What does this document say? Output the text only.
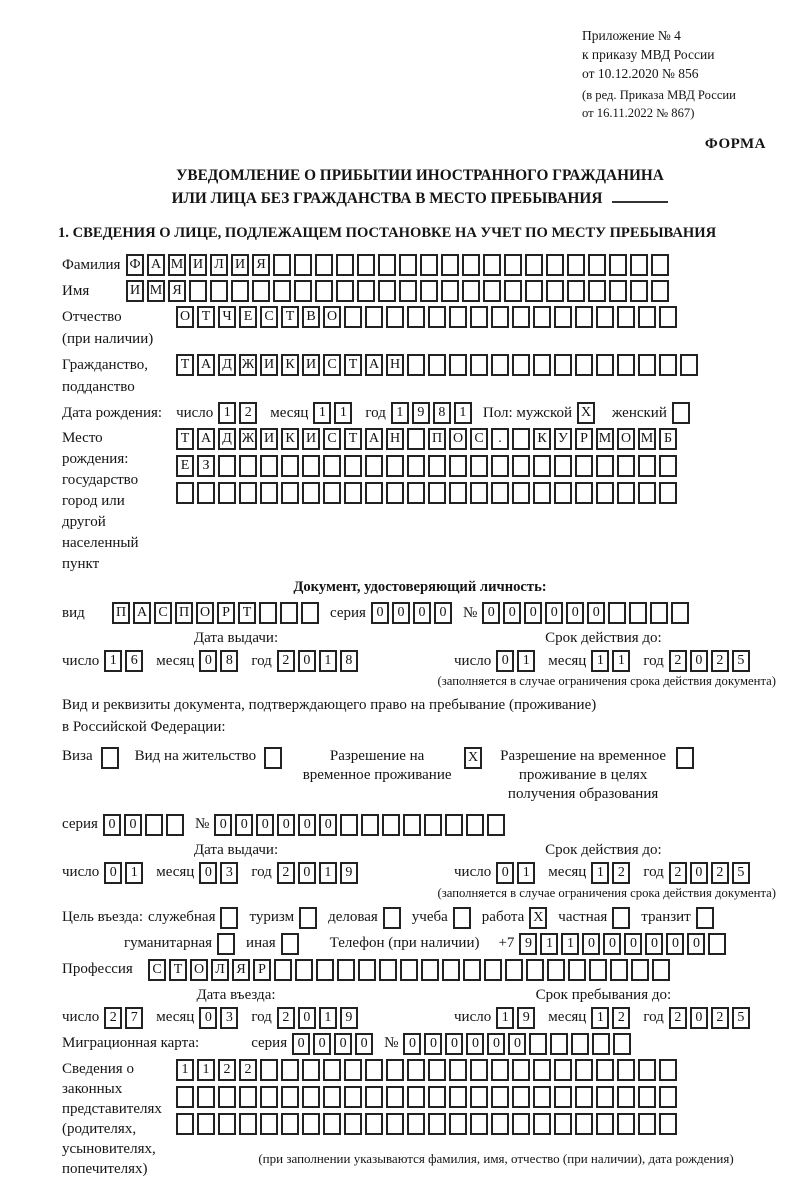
Приложение № 4
к приказу МВД России
от 10.12.2020 № 856
(в ред. Приказа МВД России
от 16.11.2022 № 867)
ФОРМА
УВЕДОМЛЕНИЕ О ПРИБЫТИИ ИНОСТРАННОГО ГРАЖДАНИНА
ИЛИ ЛИЦА БЕЗ ГРАЖДАНСТВА В МЕСТО ПРЕБЫВАНИЯ
1. СВЕДЕНИЯ О ЛИЦЕ, ПОДЛЕЖАЩЕМ ПОСТАНОВКЕ НА УЧЕТ ПО МЕСТУ ПРЕБЫВАНИЯ
Фамилия Ф А М И Л И Я
Имя	И М Я
Отчество
(при наличии)
О Т Ч Е С Т В О
Гражданство,
подданство
Т А Д Ж И К И С Т А Н
Дата рождения: число 1	2	месяц 1	1	год 1	9	8	1	Пол: мужской X женский
Место рождения:
государство
город или другой
населенный пункт
Т А Д Ж И К И С Т А Н П О С	.	К У Р М О М Б
Е З
Документ, удостоверяющий личность:
вид	П А С П О Р Т	серия 0	0	0	0	№ 0	0	0	0	0	0
Дата выдачи:
число 1	6	месяц 0	8	год 2	0	1	8
Срок действия до:
число 0	1	месяц 1	1	год 2	0	2	5
(заполняется в случае ограничения срока действия документа)
Вид и реквизиты документа, подтверждающего право на пребывание (проживание)
в Российской Федерации:
Виза	Вид на жительство	Разрешение на временное проживание
X Разрешение на временное проживание в целях получения образования
серия 0	0	№ 0	0	0	0	0	0
Дата выдачи:
число 0	1	месяц 0	3	год 2	0	1	9
Срок действия до:
число 0	1	месяц 1	2	год 2	0	2	5
(заполняется в случае ограничения срока действия документа)
Цель въезда: служебная	туризм	деловая	учеба	работа X частная	транзит
гуманитарная	иная	Телефон (при наличии)	+7 9	1	1	0	0	0	0	0	0
Профессия	С Т О Л Я Р
Дата въезда:
число 2	7	месяц 0	3	год 2	0	1	9
Срок пребывания до:
число 1	9	месяц 1	2	год 2	0	2	5
Миграционная карта:	серия 0	0	0	0	№ 0	0	0	0	0	0
Сведения о
законных
представителях
(родителях,
усыновителях,
попечителях)
1	1	2	2
(при заполнении указываются фамилия, имя, отчество (при наличии), дата рождения)
